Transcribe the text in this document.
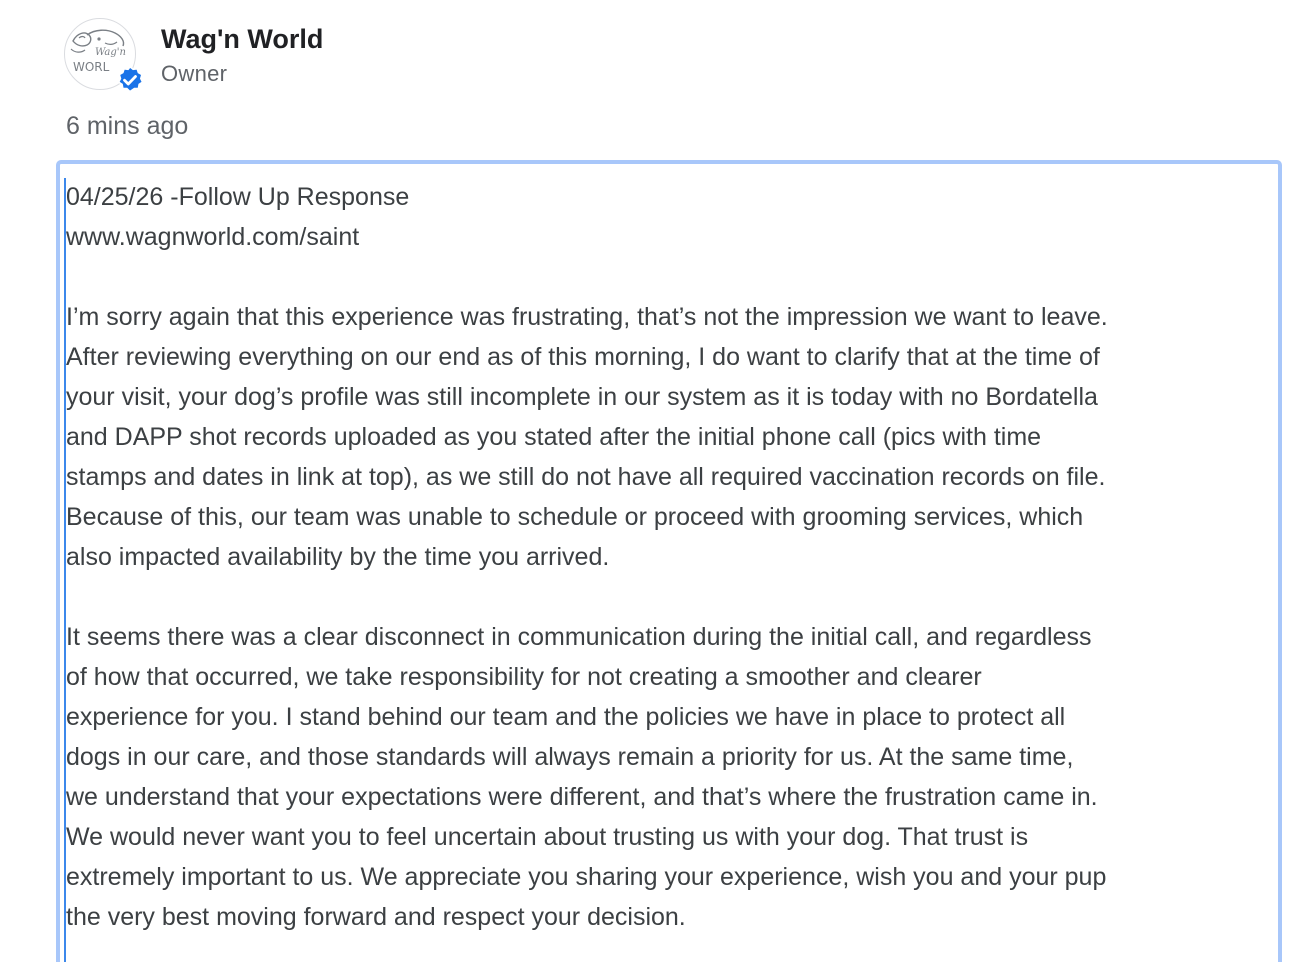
Wag'n
WORL
Wag'n World
Owner
6 mins ago
04/25/26 -Follow Up Response
www.wagnworld.com/saint
I’m sorry again that this experience was frustrating, that’s not the impression we want to leave.
After reviewing everything on our end as of this morning, I do want to clarify that at the time of
your visit, your dog’s profile was still incomplete in our system as it is today with no Bordatella
and DAPP shot records uploaded as you stated after the initial phone call (pics with time
stamps and dates in link at top), as we still do not have all required vaccination records on file.
Because of this, our team was unable to schedule or proceed with grooming services, which
also impacted availability by the time you arrived.
It seems there was a clear disconnect in communication during the initial call, and regardless
of how that occurred, we take responsibility for not creating a smoother and clearer
experience for you. I stand behind our team and the policies we have in place to protect all
dogs in our care, and those standards will always remain a priority for us. At the same time,
we understand that your expectations were different, and that’s where the frustration came in.
We would never want you to feel uncertain about trusting us with your dog. That trust is
extremely important to us. We appreciate you sharing your experience, wish you and your pup
the very best moving forward and respect your decision.
